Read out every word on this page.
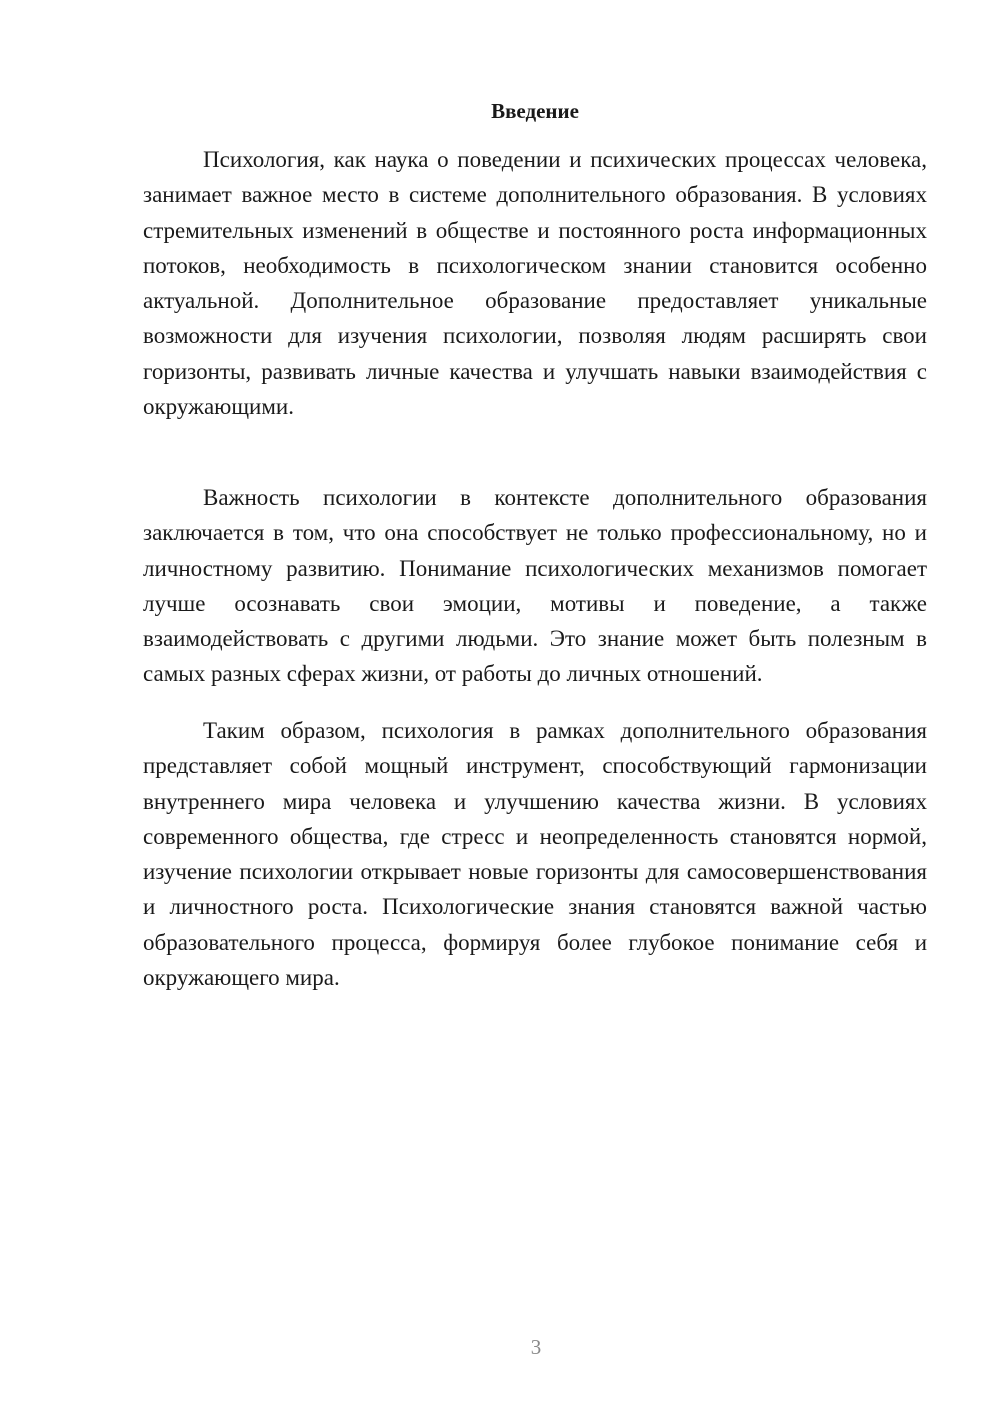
Введение

Психология, как наука о поведении и психических процессах человека, занимает важное место в системе дополнительного образования. В условиях стремительных изменений в обществе и постоянного роста информационных потоков, необходимость в психологическом знании становится особенно актуальной. Дополнительное образование предоставляет уникальные возможности для изучения психологии, позволяя людям расширять свои горизонты, развивать личные качества и улучшать навыки взаимодействия с окружающими.

Важность психологии в контексте дополнительного образования заключается в том, что она способствует не только профессиональному, но и личностному развитию. Понимание психологических механизмов помогает лучше осознавать свои эмоции, мотивы и поведение, а также взаимодействовать с другими людьми. Это знание может быть полезным в самых разных сферах жизни, от работы до личных отношений.

Таким образом, психология в рамках дополнительного образования представляет собой мощный инструмент, способствующий гармонизации внутреннего мира человека и улучшению качества жизни. В условиях современного общества, где стресс и неопределенность становятся нормой, изучение психологии открывает новые горизонты для самосовершенствования и личностного роста. Психологические знания становятся важной частью образовательного процесса, формируя более глубокое понимание себя и окружающего мира.

3
